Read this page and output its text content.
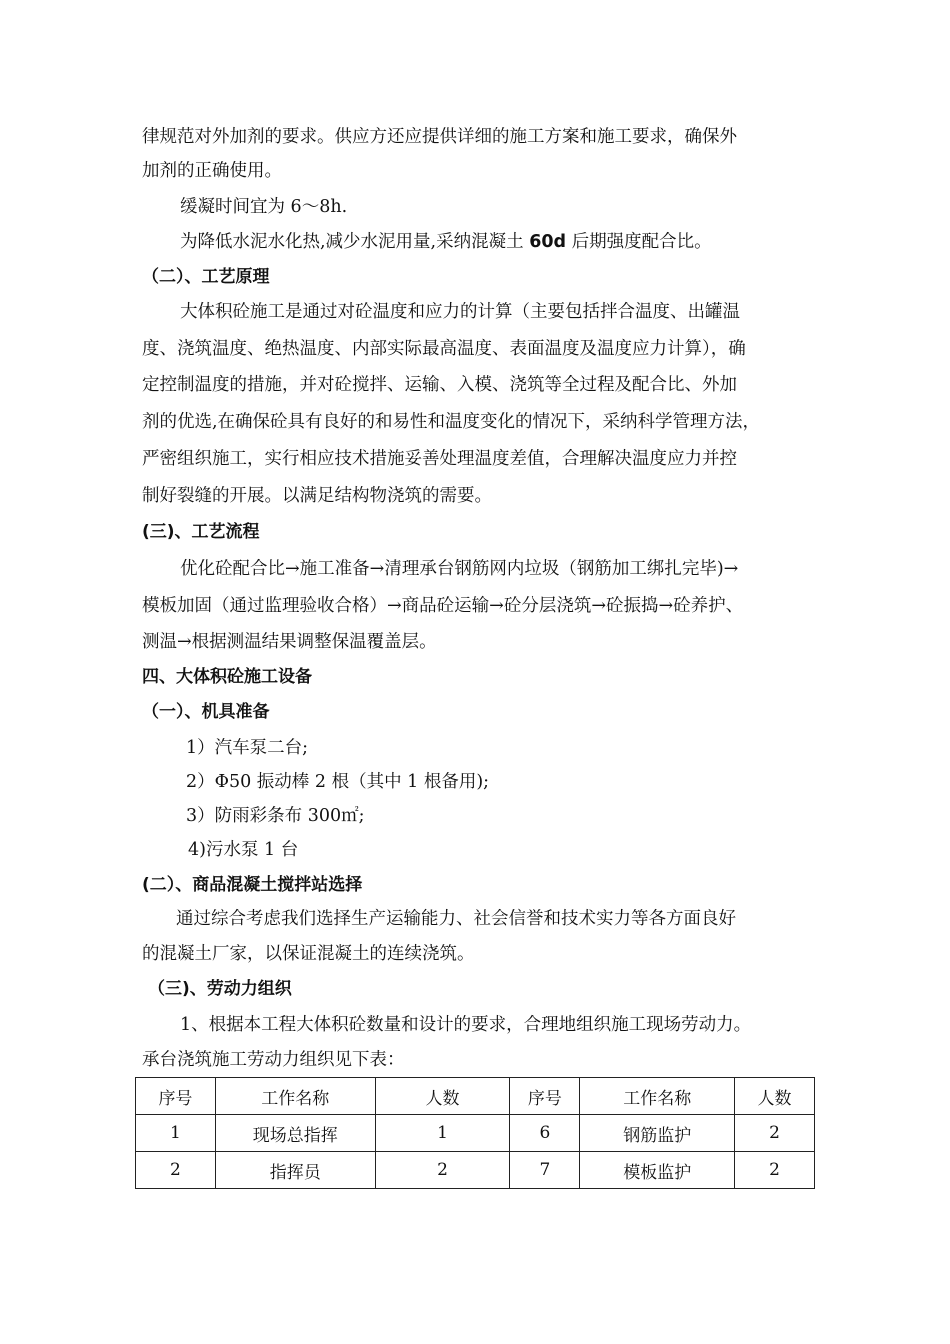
律规范对外加剂的要求。供应方还应提供详细的施工方案和施工要求，确保外
加剂的正确使用。
缓凝时间宜为 6～8h.
为降低水泥水化热,减少水泥用量,采纳混凝土 60d 后期强度配合比。
（二）、工艺原理
大体积砼施工是通过对砼温度和应力的计算（主要包括拌合温度、出罐温
度、浇筑温度、绝热温度、内部实际最高温度、表面温度及温度应力计算），确
定控制温度的措施，并对砼搅拌、运输、入模、浇筑等全过程及配合比、外加
剂的优选,在确保砼具有良好的和易性和温度变化的情况下，采纳科学管理方法，
严密组织施工，实行相应技术措施妥善处理温度差值，合理解决温度应力并控
制好裂缝的开展。以满足结构物浇筑的需要。
(三)、工艺流程
优化砼配合比→施工准备→清理承台钢筋网内垃圾（钢筋加工绑扎完毕)→
模板加固（通过监理验收合格）→商品砼运输→砼分层浇筑→砼振捣→砼养护、
测温→根据测温结果调整保温覆盖层。
四、大体积砼施工设备
（一）、机具准备
1）汽车泵二台;
2）Φ50 振动棒 2 根（其中 1 根备用);
3）防雨彩条布 300㎡;
4)污水泵 1 台
(二）、商品混凝土搅拌站选择
通过综合考虑我们选择生产运输能力、社会信誉和技术实力等各方面良好
的混凝土厂家，以保证混凝土的连续浇筑。
（三)、劳动力组织
1、根据本工程大体积砼数量和设计的要求，合理地组织施工现场劳动力。
承台浇筑施工劳动力组织见下表：
序号	工作名称	人数	序号	工作名称	人数
1	现场总指挥	1	6	钢筋监护	2
2	指挥员	2	7	模板监护	2
